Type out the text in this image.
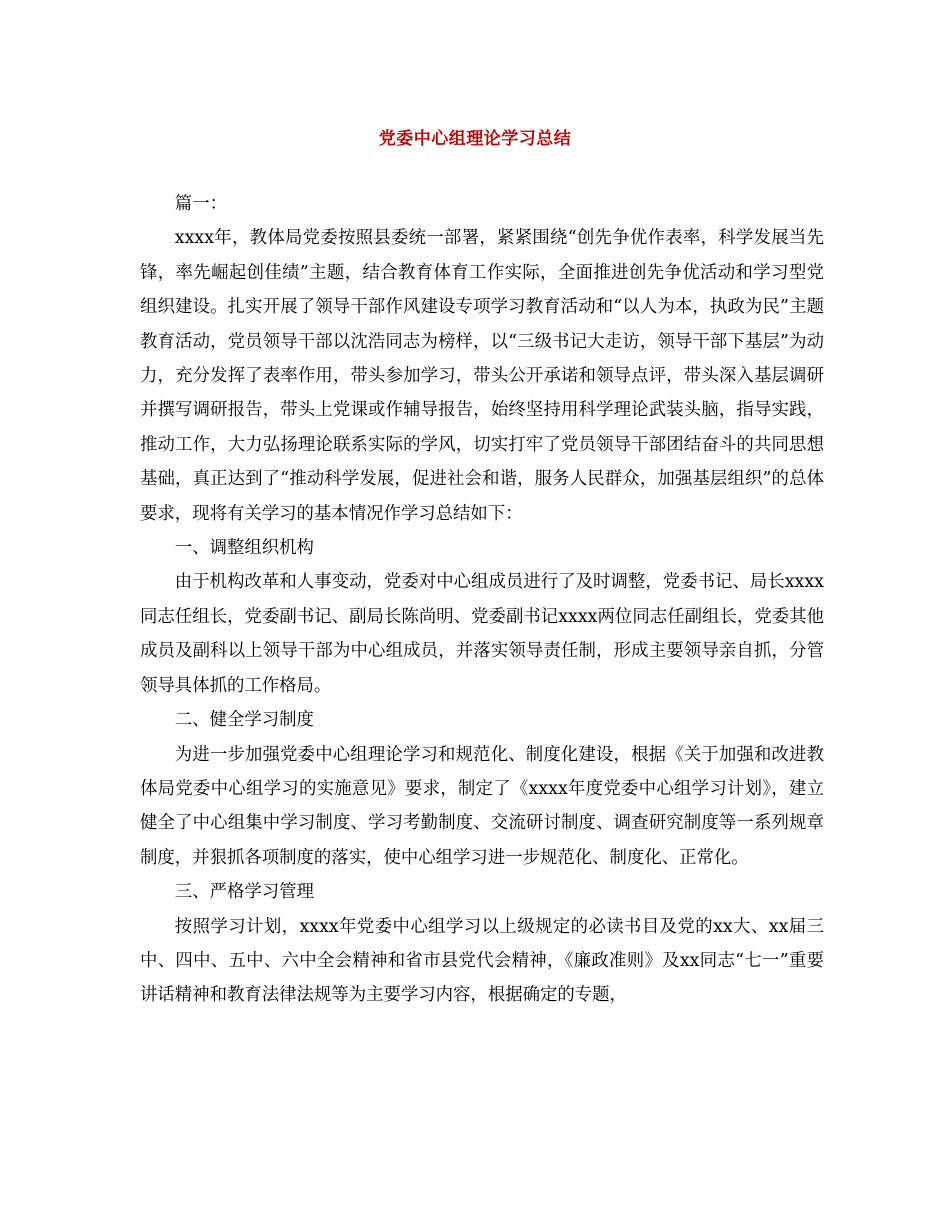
党委中心组理论学习总结

篇一：

xxxx年，教体局党委按照县委统一部署，紧紧围绕“创先争优作表率，科学发展当先锋，率先崛起创佳绩”主题，结合教育体育工作实际，全面推进创先争优活动和学习型党组织建设。扎实开展了领导干部作风建设专项学习教育活动和“以人为本，执政为民”主题教育活动，党员领导干部以沈浩同志为榜样，以“三级书记大走访，领导干部下基层”为动力，充分发挥了表率作用，带头参加学习，带头公开承诺和领导点评，带头深入基层调研并撰写调研报告，带头上党课或作辅导报告，始终坚持用科学理论武装头脑，指导实践，推动工作，大力弘扬理论联系实际的学风，切实打牢了党员领导干部团结奋斗的共同思想基础，真正达到了“推动科学发展，促进社会和谐，服务人民群众，加强基层组织”的总体要求，现将有关学习的基本情况作学习总结如下：

一、调整组织机构

由于机构改革和人事变动，党委对中心组成员进行了及时调整，党委书记、局长xxxx同志任组长，党委副书记、副局长陈尚明、党委副书记xxxx两位同志任副组长，党委其他成员及副科以上领导干部为中心组成员，并落实领导责任制，形成主要领导亲自抓，分管领导具体抓的工作格局。

二、健全学习制度

为进一步加强党委中心组理论学习和规范化、制度化建设，根据《关于加强和改进教体局党委中心组学习的实施意见》要求，制定了《xxxx年度党委中心组学习计划》，建立健全了中心组集中学习制度、学习考勤制度、交流研讨制度、调查研究制度等一系列规章制度，并狠抓各项制度的落实，使中心组学习进一步规范化、制度化、正常化。

三、严格学习管理

按照学习计划，xxxx年党委中心组学习以上级规定的必读书目及党的xx大、xx届三中、四中、五中、六中全会精神和省市县党代会精神，《廉政准则》及xx同志“七一”重要讲话精神和教育法律法规等为主要学习内容，根据确定的专题，
